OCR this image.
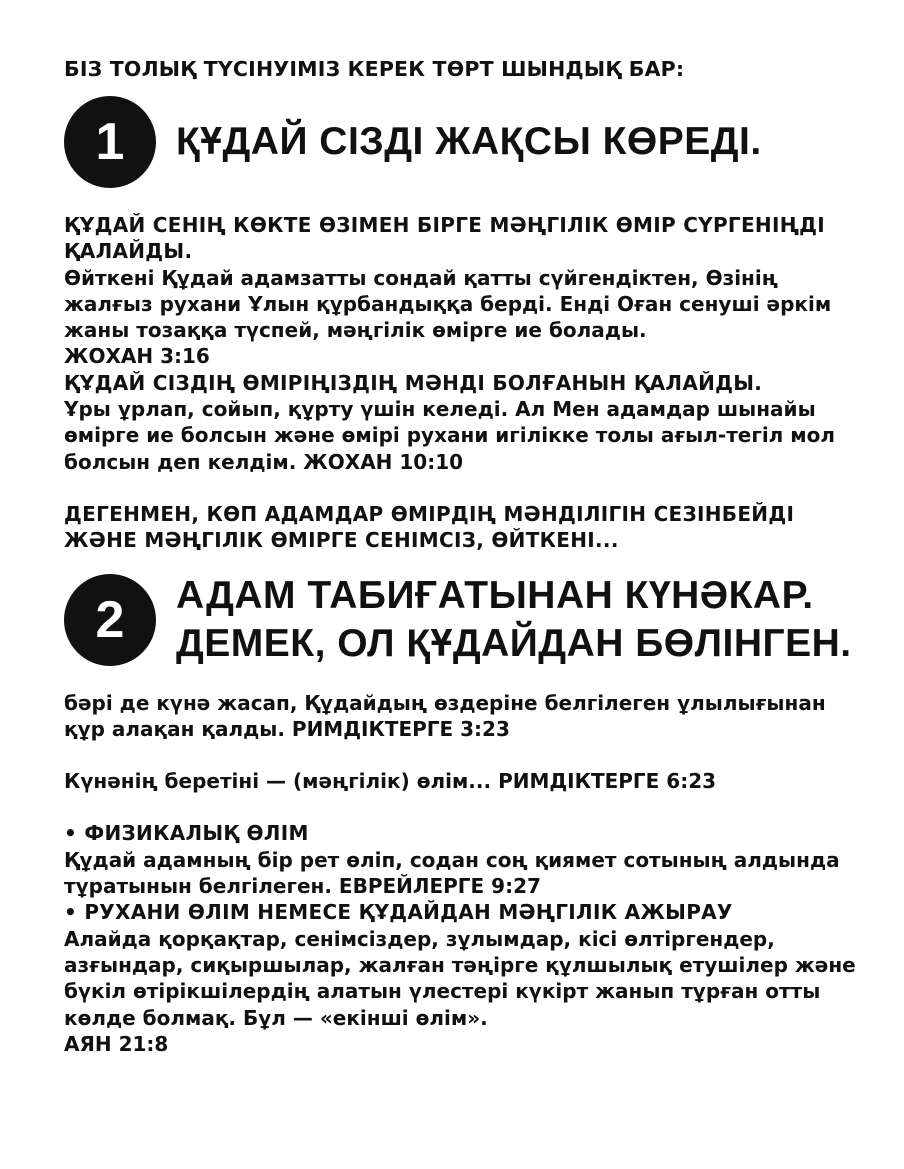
БІЗ ТОЛЫҚ ТҮСІНУІМІЗ КЕРЕК ТӨРТ ШЫНДЫҚ БАР:
1	ҚҰДАЙ СІЗДІ ЖАҚСЫ КӨРЕДІ.

ҚҰДАЙ СЕНІҢ КӨКТЕ ӨЗІМЕН БІРГЕ МӘҢГІЛІК ӨМІР СҮРГЕНІҢДІ ҚАЛАЙДЫ.

Өйткені Құдай адамзатты сондай қатты сүйгендіктен, Өзінің жалғыз рухани Ұлын құрбандыққа берді. Енді Оған сенуші әркім жаны тозаққа түспей, мәңгілік өмірге ие болады.
ЖОХАН 3:16

ҚҰДАЙ СІЗДІҢ ӨМІРІҢІЗДІҢ МӘНДІ БОЛҒАНЫН ҚАЛАЙДЫ.

Ұры ұрлап, сойып, құрту үшін келеді. Ал Мен адамдар шынайы өмірге ие болсын және өмірі рухани игілікке толы ағыл-тегіл мол болсын деп келдім. ЖОХАН 10:10

ДЕГЕНМЕН, КӨП АДАМДАР ӨМІРДІҢ МӘНДІЛІГІН СЕЗІНБЕЙДІ ЖӘНЕ МӘҢГІЛІК ӨМІРГЕ СЕНІМСІЗ, ӨЙТКЕНІ...

2	АДАМ ТАБИҒАТЫНАН КҮНӘКАР.
ДЕМЕК, ОЛ ҚҰДАЙДАН БӨЛІНГЕН.

бәрі де күнә жасап, Құдайдың өздеріне белгілеген ұлылығынан құр алақан қалды. РИМДІКТЕРГЕ 3:23

Күнәнің беретіні — (мәңгілік) өлім... РИМДІКТЕРГЕ 6:23

• ФИЗИКАЛЫҚ ӨЛІМ

Құдай адамның бір рет өліп, содан соң қиямет сотының алдында тұратынын белгілеген. ЕВРЕЙЛЕРГЕ 9:27

• РУХАНИ ӨЛІМ НЕМЕСЕ ҚҰДАЙДАН МӘҢГІЛІК АЖЫРАУ

Алайда қорқақтар, сенімсіздер, зұлымдар, кісі өлтіргендер, азғындар, сиқыршылар, жалған тәңірге құлшылық етушілер және бүкіл өтірікшілердің алатын үлестері күкірт жанып тұрған отты көлде болмақ. Бұл — «екінші өлім».
АЯН 21:8
